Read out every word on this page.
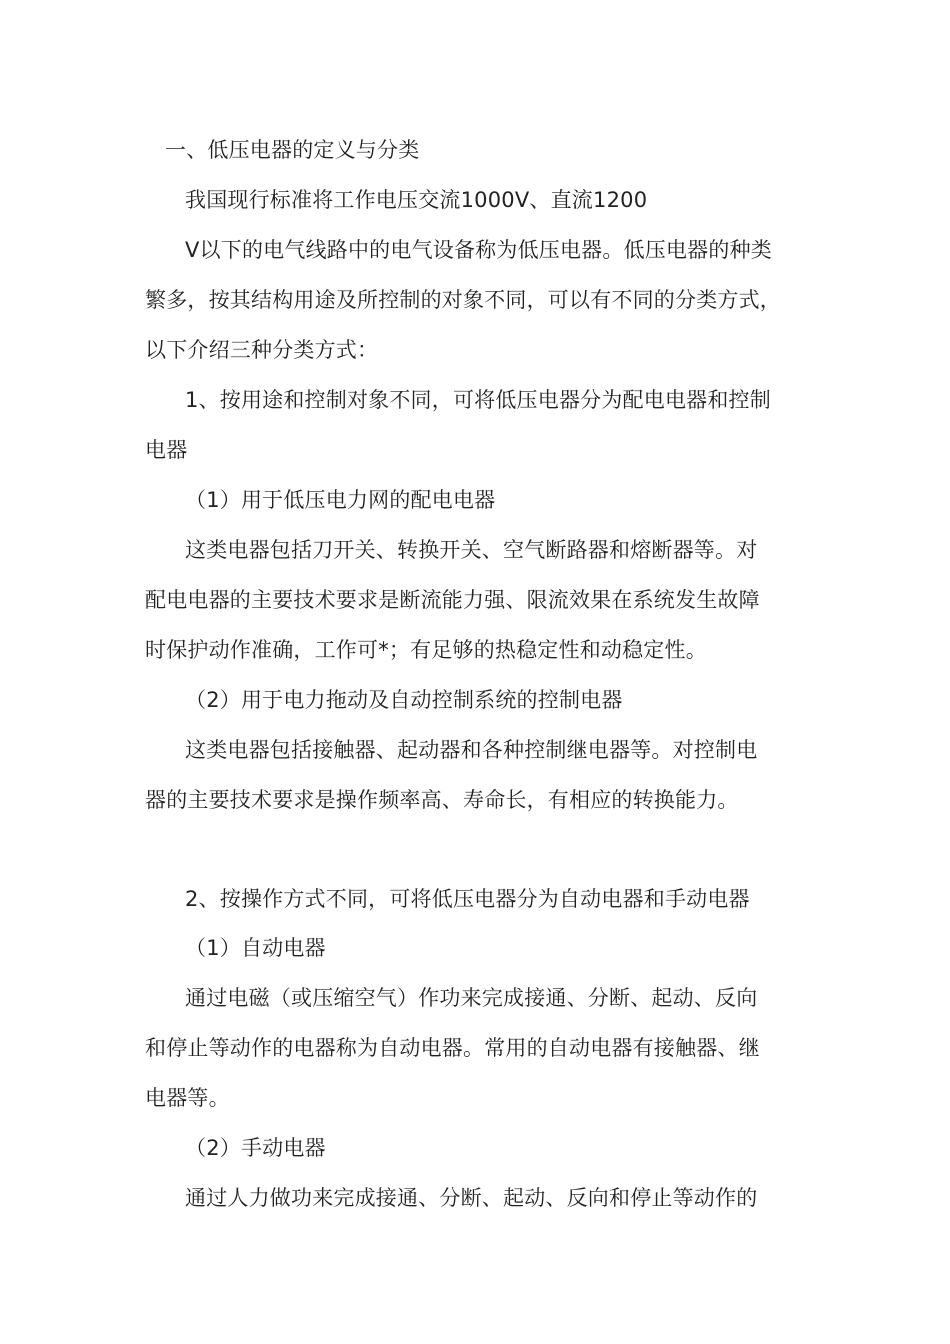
一、低压电器的定义与分类
我国现行标准将工作电压交流1000V、直流1200
V以下的电气线路中的电气设备称为低压电器。低压电器的种类
繁多，按其结构用途及所控制的对象不同，可以有不同的分类方式，
以下介绍三种分类方式：
1、按用途和控制对象不同，可将低压电器分为配电电器和控制
电器
（1）用于低压电力网的配电电器
这类电器包括刀开关、转换开关、空气断路器和熔断器等。对
配电电器的主要技术要求是断流能力强、限流效果在系统发生故障
时保护动作准确，工作可*；有足够的热稳定性和动稳定性。
（2）用于电力拖动及自动控制系统的控制电器
这类电器包括接触器、起动器和各种控制继电器等。对控制电
器的主要技术要求是操作频率高、寿命长，有相应的转换能力。
2、按操作方式不同，可将低压电器分为自动电器和手动电器
（1）自动电器
通过电磁（或压缩空气）作功来完成接通、分断、起动、反向
和停止等动作的电器称为自动电器。常用的自动电器有接触器、继
电器等。
（2）手动电器
通过人力做功来完成接通、分断、起动、反向和停止等动作的
